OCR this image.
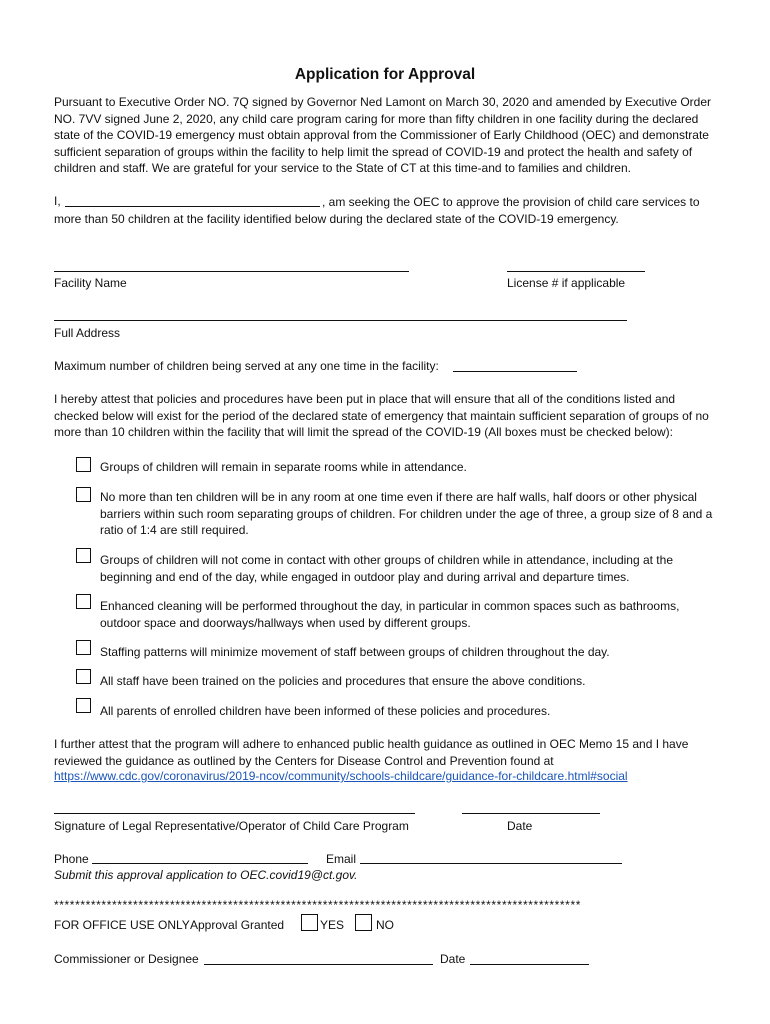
Application for Approval
Pursuant to Executive Order NO. 7Q signed by Governor Ned Lamont on March 30, 2020 and amended by Executive Order NO. 7VV signed June 2, 2020, any child care program caring for more than fifty children in one facility during the declared state of the COVID-19 emergency must obtain approval from the Commissioner of Early Childhood (OEC) and demonstrate sufficient separation of groups within the facility to help limit the spread of COVID-19 and protect the health and safety of children and staff. We are grateful for your service to the State of CT at this time-and to families and children.
I,	, am seeking the OEC to approve the provision of child care services to more than 50 children at the facility identified below during the declared state of the COVID-19 emergency.
Facility Name	License # if applicable
Full Address
Maximum number of children being served at any one time in the facility:
I hereby attest that policies and procedures have been put in place that will ensure that all of the conditions listed and checked below will exist for the period of the declared state of emergency that maintain sufficient separation of groups of no more than 10 children within the facility that will limit the spread of the COVID-19 (All boxes must be checked below):
Groups of children will remain in separate rooms while in attendance.
No more than ten children will be in any room at one time even if there are half walls, half doors or other physical barriers within such room separating groups of children. For children under the age of three, a group size of 8 and a ratio of 1:4 are still required.
Groups of children will not come in contact with other groups of children while in attendance, including at the beginning and end of the day, while engaged in outdoor play and during arrival and departure times.
Enhanced cleaning will be performed throughout the day, in particular in common spaces such as bathrooms, outdoor space and doorways/hallways when used by different groups.
Staffing patterns will minimize movement of staff between groups of children throughout the day.
All staff have been trained on the policies and procedures that ensure the above conditions.
All parents of enrolled children have been informed of these policies and procedures.
I further attest that the program will adhere to enhanced public health guidance as outlined in OEC Memo 15 and I have reviewed the guidance as outlined by the Centers for Disease Control and Prevention found at
https://www.cdc.gov/coronavirus/2019-ncov/community/schools-childcare/guidance-for-childcare.html#social
Signature of Legal Representative/Operator of Child Care Program	Date
Phone	Email
Submit this approval application to OEC.covid19@ct.gov.
****************************************************************************************************
FOR OFFICE USE ONLY Approval Granted	YES	NO
Commissioner or Designee	Date
